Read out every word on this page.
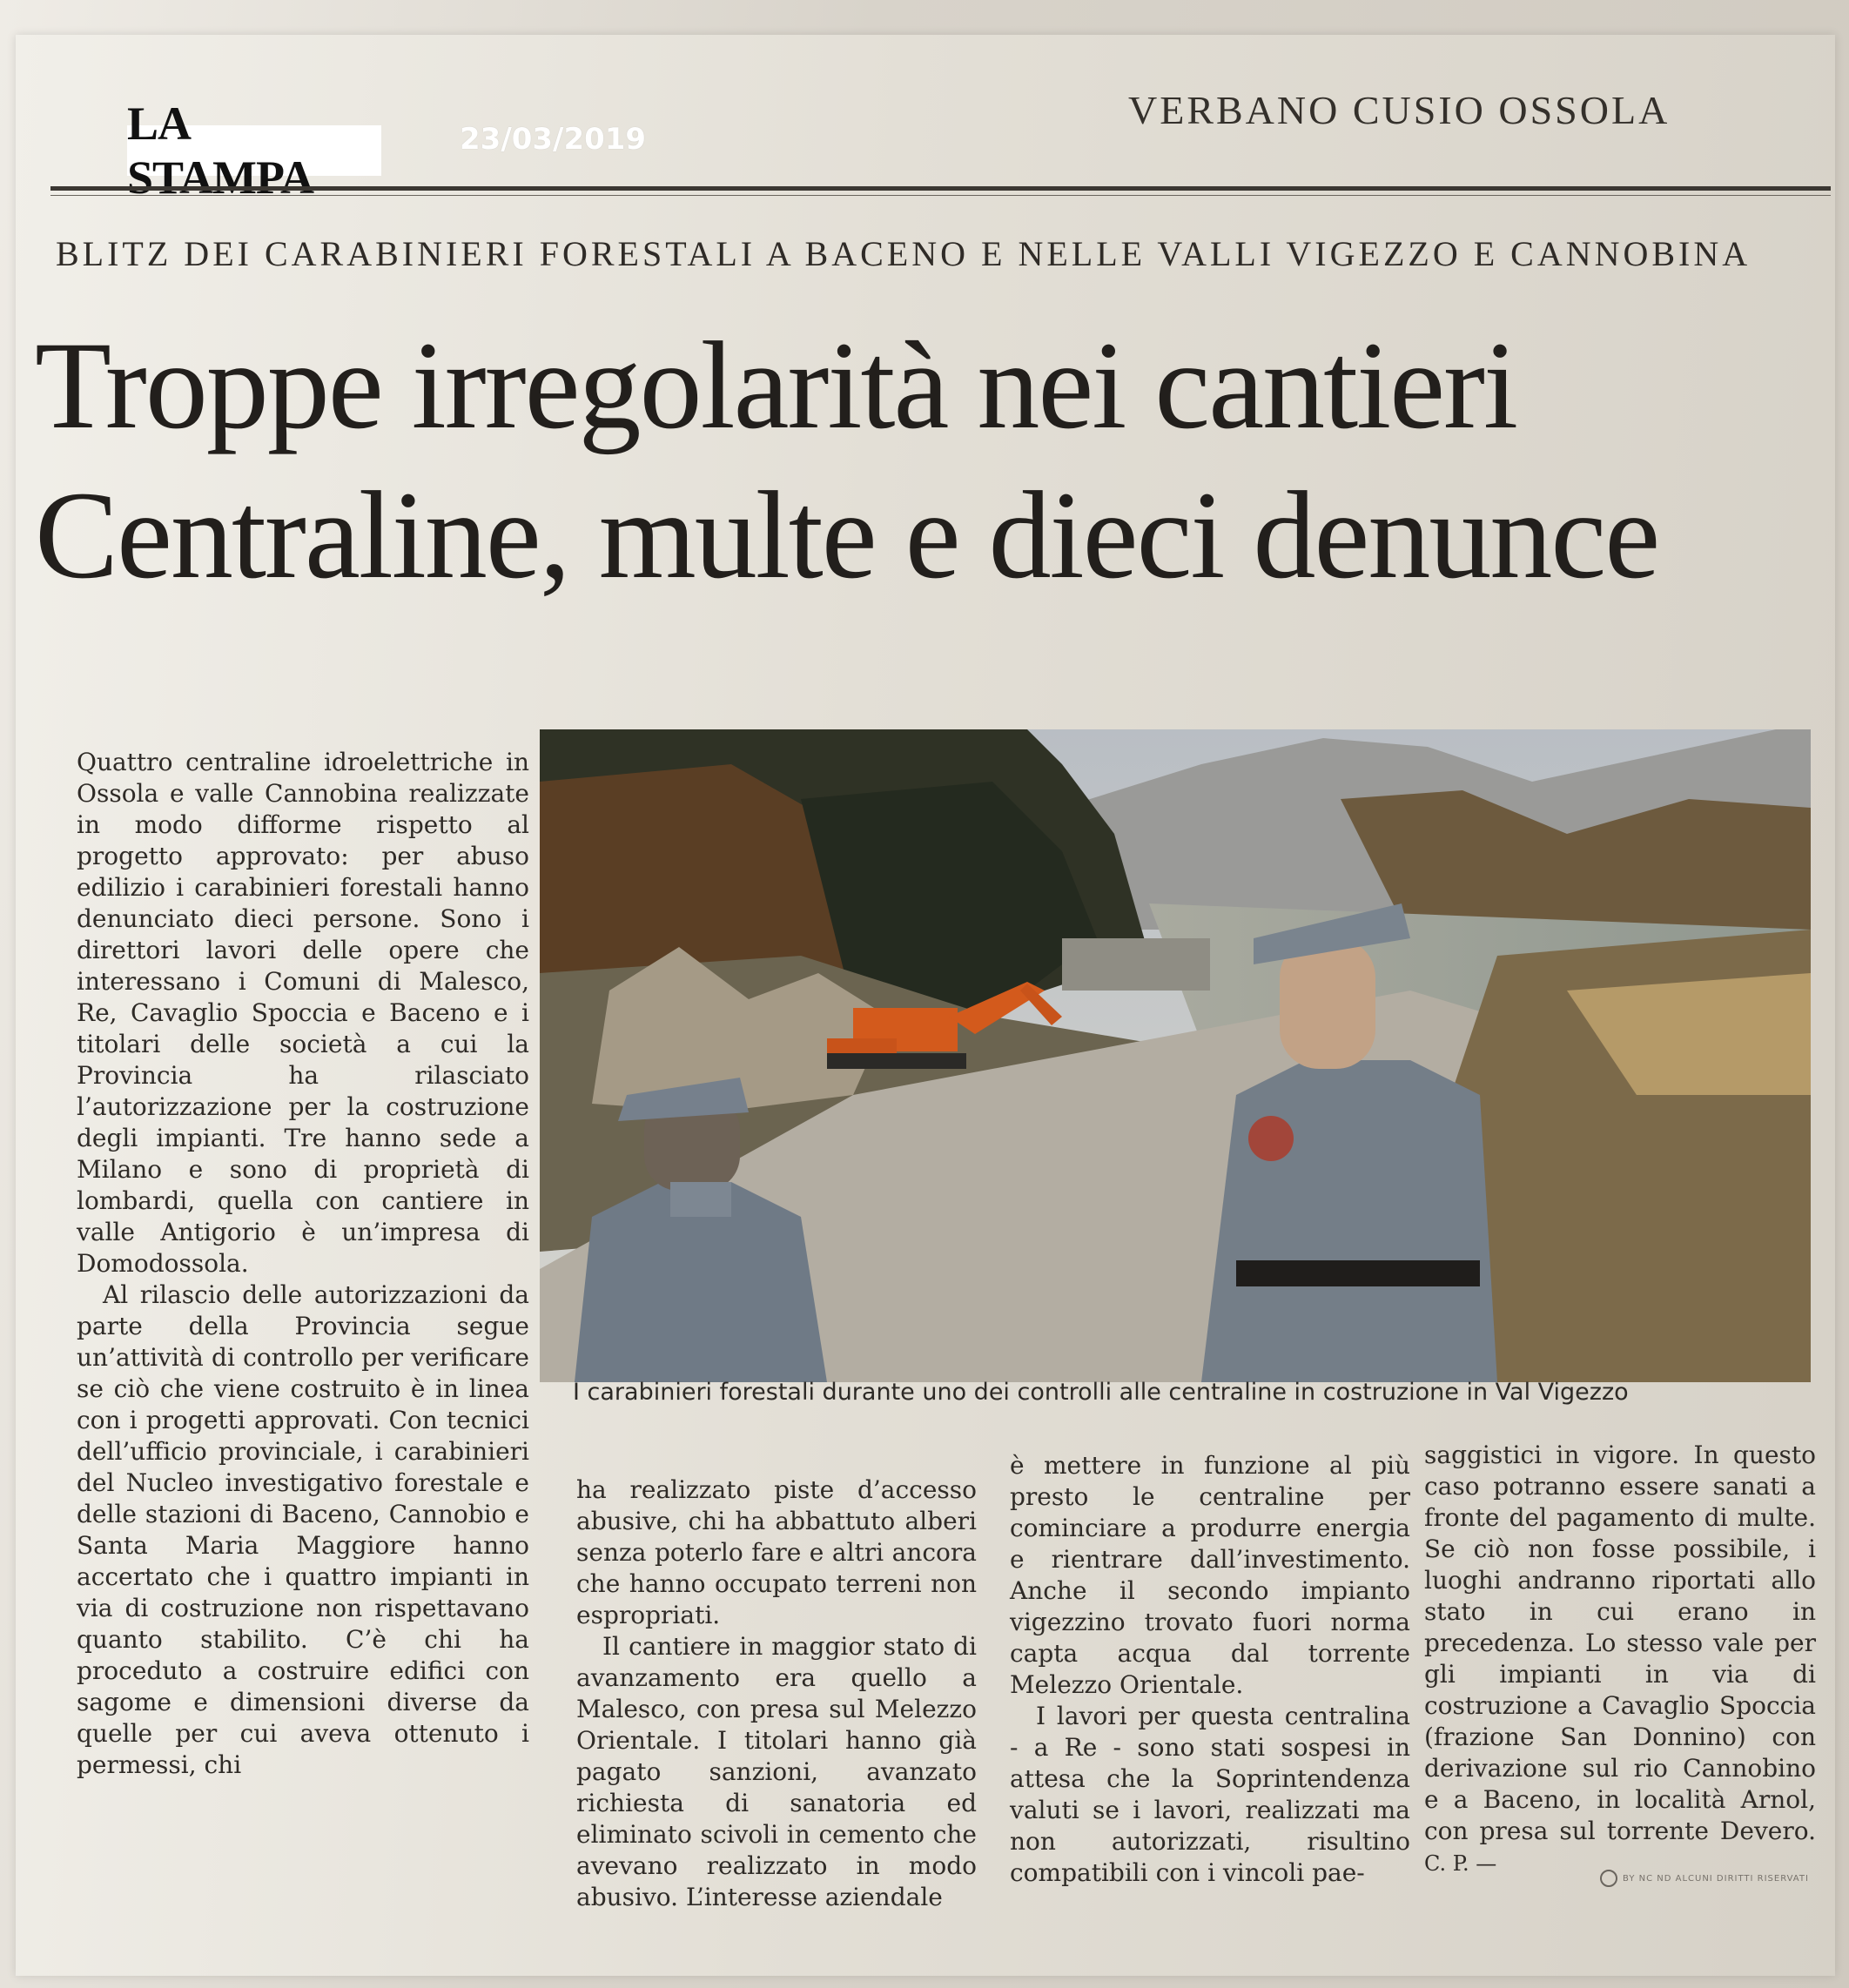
23/03/2019
VERBANO CUSIO OSSOLA
BLITZ DEI CARABINIERI FORESTALI A BACENO E NELLE VALLI VIGEZZO E CANNOBINA
Troppe irregolarità nei cantieri
Centraline, multe e dieci denunce
I carabinieri forestali durante uno dei controlli alle centraline in costruzione in Val Vigezzo

Quattro centraline idroelettriche in Ossola e valle Cannobina realizzate in modo difforme rispetto al progetto approvato: per abuso edilizio i carabinieri forestali hanno denunciato dieci persone. Sono i direttori lavori delle opere che interessano i Comuni di Malesco, Re, Cavaglio Spoccia e Baceno e i titolari delle società a cui la Provincia ha rilasciato l’autorizzazione per la costruzione degli impianti. Tre hanno sede a Milano e sono di proprietà di lombardi, quella con cantiere in valle Antigorio è un’impresa di Domodossola.

Al rilascio delle autorizzazioni da parte della Provincia segue un’attività di controllo per verificare se ciò che viene costruito è in linea con i progetti approvati. Con tecnici dell’ufficio provinciale, i carabinieri del Nucleo investigativo forestale e delle stazioni di Baceno, Cannobio e Santa Maria Maggiore hanno accertato che i quattro impianti in via di costruzione non rispettavano quanto stabilito. C’è chi ha proceduto a costruire edifici con sagome e dimensioni diverse da quelle per cui aveva ottenuto i permessi, chi

ha realizzato piste d’accesso abusive, chi ha abbattuto alberi senza poterlo fare e altri ancora che hanno occupato terreni non espropriati.

Il cantiere in maggior stato di avanzamento era quello a Malesco, con presa sul Melezzo Orientale. I titolari hanno già pagato sanzioni, avanzato richiesta di sanatoria ed eliminato scivoli in cemento che avevano realizzato in modo abusivo. L’interesse aziendale

è mettere in funzione al più presto le centraline per cominciare a produrre energia e rientrare dall’investimento. Anche il secondo impianto vigezzino trovato fuori norma capta acqua dal torrente Melezzo Orientale.

I lavori per questa centralina - a Re - sono stati sospesi in attesa che la Soprintendenza valuti se i lavori, realizzati ma non autorizzati, risultino compatibili con i vincoli pae-

saggistici in vigore. In questo caso potranno essere sanati a fronte del pagamento di multe. Se ciò non fosse possibile, i luoghi andranno riportati allo stato in cui erano in precedenza. Lo stesso vale per gli impianti in via di costruzione a Cavaglio Spoccia (frazione San Donnino) con derivazione sul rio Cannobino e a Baceno, in località Arnol, con presa sul torrente Devero. C. P. —

BY NC ND ALCUNI DIRITTI RISERVATI
